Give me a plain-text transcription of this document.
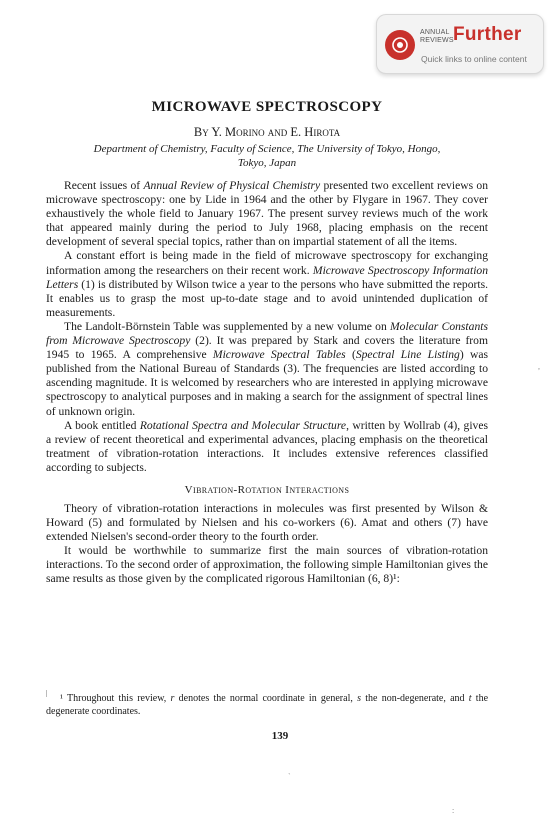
ANNUAL
REVIEWS Further
Quick links to online content
MICROWAVE SPECTROSCOPY
By Y. Morino and E. Hirota
Department of Chemistry, Faculty of Science, The University of Tokyo, Hongo,
Tokyo, Japan

Recent issues of Annual Review of Physical Chemistry presented two excellent reviews on microwave spectroscopy: one by Lide in 1964 and the other by Flygare in 1967. They cover exhaustively the whole field to January 1967. The present survey reviews much of the work that appeared mainly during the period to July 1968, placing emphasis on the recent development of several special topics, rather than on impartial statement of all the items.

A constant effort is being made in the field of microwave spectroscopy for exchanging information among the researchers on their recent work. Microwave Spectroscopy Information Letters (1) is distributed by Wilson twice a year to the persons who have submitted the reports. It enables us to grasp the most up-to-date stage and to avoid unintended duplication of measurements.

The Landolt-Börnstein Table was supplemented by a new volume on Molecular Constants from Microwave Spectroscopy (2). It was prepared by Stark and covers the literature from 1945 to 1965. A comprehensive Microwave Spectral Tables (Spectral Line Listing) was published from the National Bureau of Standards (3). The frequencies are listed according to ascending magnitude. It is welcomed by researchers who are interested in applying microwave spectroscopy to analytical purposes and in making a search for the assignment of spectral lines of unknown origin.

A book entitled Rotational Spectra and Molecular Structure, written by Wollrab (4), gives a review of recent theoretical and experimental advances, placing emphasis on the theoretical treatment of vibration-rotation interactions. It includes extensive references classified according to subjects.

Vibration-Rotation Interactions

Theory of vibration-rotation interactions in molecules was first presented by Wilson & Howard (5) and formulated by Nielsen and his co-workers (6). Amat and others (7) have extended Nielsen's second-order theory to the fourth order.

It would be worthwhile to summarize first the main sources of vibration-rotation interactions. To the second order of approximation, the following simple Hamiltonian gives the same results as those given by the complicated rigorous Hamiltonian (6, 8)¹:

¹ Throughout this review, r denotes the normal coordinate in general, s the non-degenerate, and t the degenerate coordinates.
139
,
`
:
